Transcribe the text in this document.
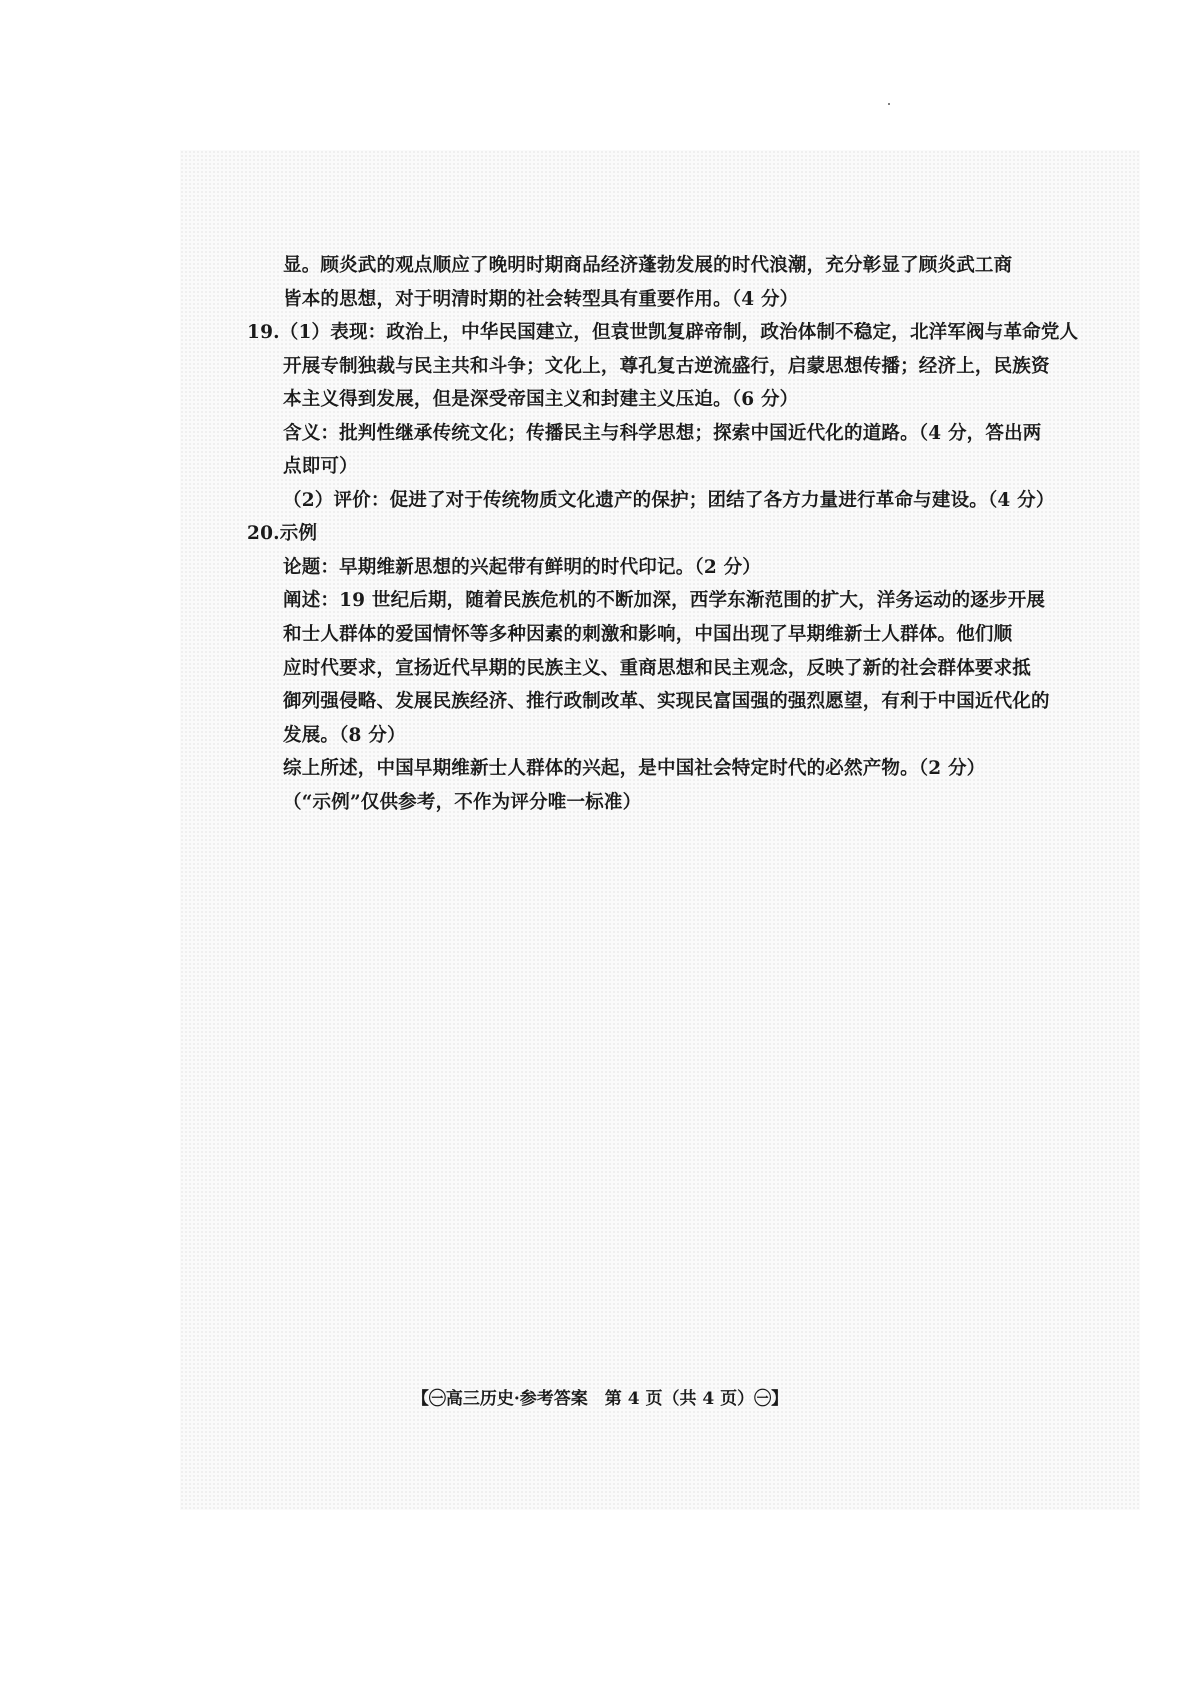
显。顾炎武的观点顺应了晚明时期商品经济蓬勃发展的时代浪潮，充分彰显了顾炎武工商
皆本的思想，对于明清时期的社会转型具有重要作用。（4 分）
19.（1）表现：政治上，中华民国建立，但袁世凯复辟帝制，政治体制不稳定，北洋军阀与革命党人
开展专制独裁与民主共和斗争；文化上，尊孔复古逆流盛行，启蒙思想传播；经济上，民族资
本主义得到发展，但是深受帝国主义和封建主义压迫。（6 分）
含义：批判性继承传统文化；传播民主与科学思想；探索中国近代化的道路。（4 分，答出两
点即可）
（2）评价：促进了对于传统物质文化遗产的保护；团结了各方力量进行革命与建设。（4 分）
20.示例
论题：早期维新思想的兴起带有鲜明的时代印记。（2 分）
阐述：19 世纪后期，随着民族危机的不断加深，西学东渐范围的扩大，洋务运动的逐步开展
和士人群体的爱国情怀等多种因素的刺激和影响，中国出现了早期维新士人群体。他们顺
应时代要求，宣扬近代早期的民族主义、重商思想和民主观念，反映了新的社会群体要求抵
御列强侵略、发展民族经济、推行政制改革、实现民富国强的强烈愿望，有利于中国近代化的
发展。（8 分）
综上所述，中国早期维新士人群体的兴起，是中国社会特定时代的必然产物。（2 分）
（“示例”仅供参考，不作为评分唯一标准）
【㊀高三历史·参考答案　第 4 页（共 4 页）㊀】
